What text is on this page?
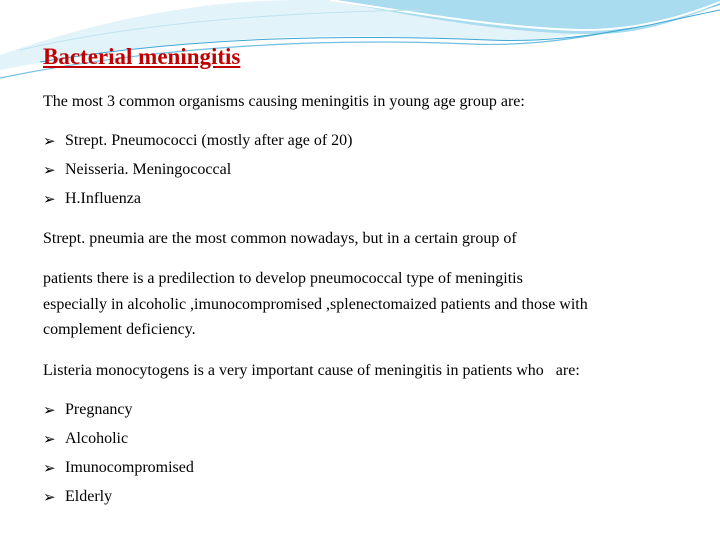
Bacterial meningitis

The most 3 common organisms causing meningitis in young age group are:

➢ Strept. Pneumococci (mostly after age of 20)
➢ Neisseria. Meningococcal
➢ H.Influenza

Strept. pneumia are the most common nowadays, but in a certain group of

patients there is a predilection to develop pneumococcal type of meningitis

especially in alcoholic ,imunocompromised ,splenectomaized patients and those with

complement deficiency.

Listeria monocytogens is a very important cause of meningitis in patients who   are:

➢ Pregnancy
➢ Alcoholic
➢ Imunocompromised
➢ Elderly
